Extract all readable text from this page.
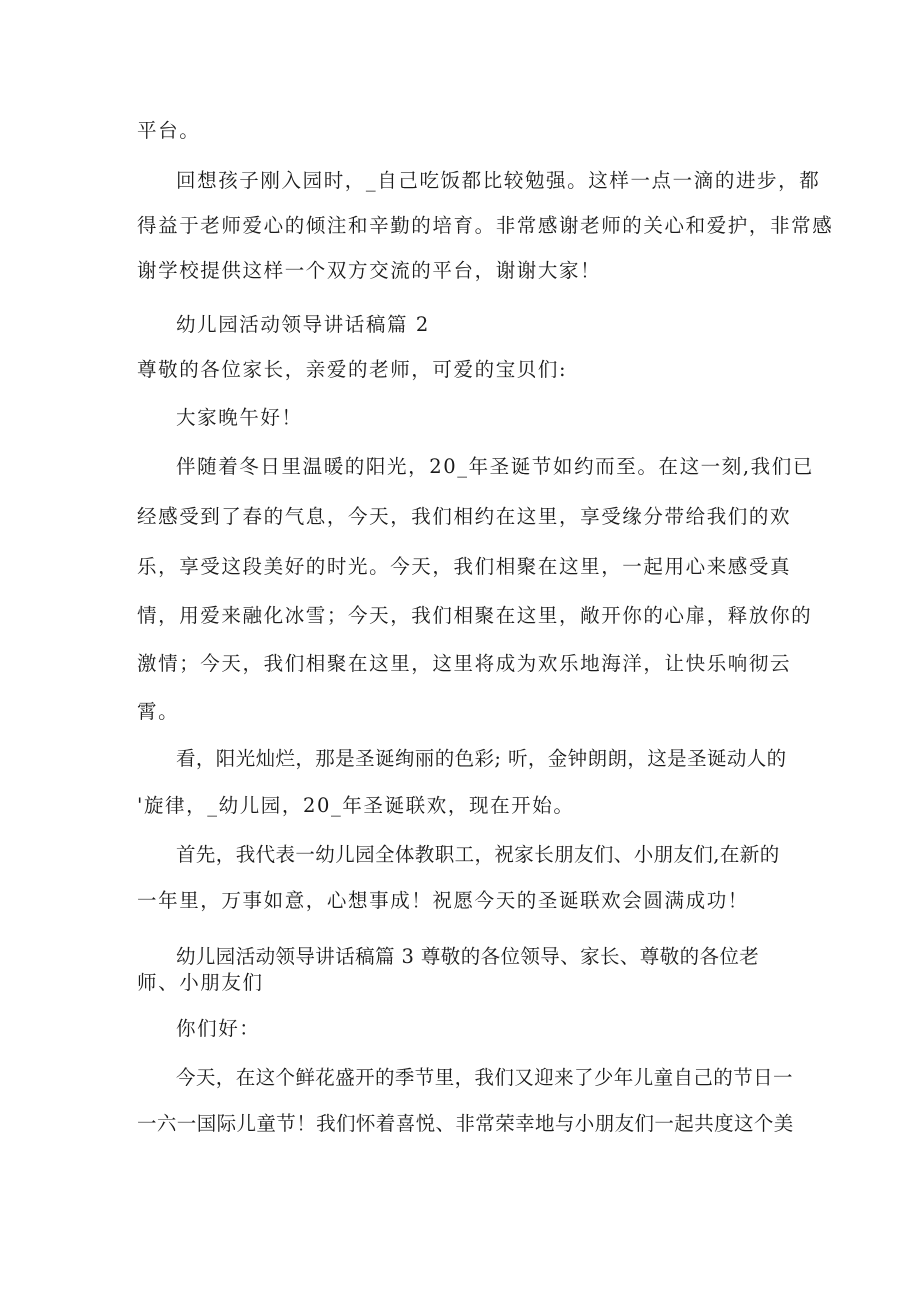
平台。
回想孩子刚入园时，_自己吃饭都比较勉强。这样一点一滴的进步，都
得益于老师爱心的倾注和辛勤的培育。非常感谢老师的关心和爱护，非常感
谢学校提供这样一个双方交流的平台，谢谢大家！
幼儿园活动领导讲话稿篇 2
尊敬的各位家长，亲爱的老师，可爱的宝贝们:
大家晚午好！
伴随着冬日里温暖的阳光，20_年圣诞节如约而至。在这一刻,我们已
经感受到了春的气息，今天，我们相约在这里，享受缘分带给我们的欢
乐，享受这段美好的时光。今天，我们相聚在这里，一起用心来感受真
情，用爱来融化冰雪；今天，我们相聚在这里，敞开你的心扉，释放你的
激情；今天，我们相聚在这里，这里将成为欢乐地海洋，让快乐响彻云
霄。
看，阳光灿烂，那是圣诞绚丽的色彩; 听，金钟朗朗，这是圣诞动人的
'旋律，_幼儿园，20_年圣诞联欢，现在开始。
首先，我代表一幼儿园全体教职工，祝家长朋友们、小朋友们,在新的
一年里，万事如意，心想事成！祝愿今天的圣诞联欢会圆满成功！
幼儿园活动领导讲话稿篇 3 尊敬的各位领导、家长、尊敬的各位老
师、小朋友们
你们好：
今天，在这个鲜花盛开的季节里，我们又迎来了少年儿童自己的节日一
一六一国际儿童节！我们怀着喜悦、非常荣幸地与小朋友们一起共度这个美
